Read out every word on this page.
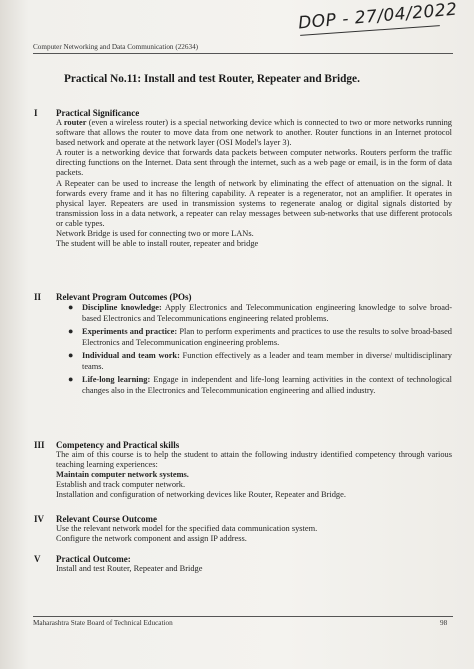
DOP - 27/04/2022
Computer Networking and Data Communication (22634)
Practical No.11: Install and test Router, Repeater and Bridge.
I Practical Significance

A router (even a wireless router) is a special networking device which is connected to two or more networks running software that allows the router to move data from one network to another. Router functions in an Internet protocol based network and operate at the network layer (OSI Model's layer 3).

A router is a networking device that forwards data packets between computer networks. Routers perform the traffic directing functions on the Internet. Data sent through the internet, such as a web page or email, is in the form of data packets.

A Repeater can be used to increase the length of network by eliminating the effect of attenuation on the signal. It forwards every frame and it has no filtering capability. A repeater is a regenerator, not an amplifier. It operates in physical layer. Repeaters are used in transmission systems to regenerate analog or digital signals distorted by transmission loss in a data network, a repeater can relay messages between sub-networks that use different protocols or cable types.

Network Bridge is used for connecting two or more LANs.

The student will be able to install router, repeater and bridge

II Relevant Program Outcomes (POs)
● Discipline knowledge: Apply Electronics and Telecommunication engineering knowledge to solve broad-based Electronics and Telecommunications engineering related problems.
● Experiments and practice: Plan to perform experiments and practices to use the results to solve broad-based Electronics and Telecommunication engineering problems.
● Individual and team work: Function effectively as a leader and team member in diverse/ multidisciplinary teams.
● Life-long learning: Engage in independent and life-long learning activities in the context of technological changes also in the Electronics and Telecommunication engineering and allied industry.
III Competency and Practical skills

The aim of this course is to help the student to attain the following industry identified competency through various teaching learning experiences:

Maintain computer network systems.

Establish and track computer network.

Installation and configuration of networking devices like Router, Repeater and Bridge.

IV Relevant Course Outcome

Use the relevant network model for the specified data communication system.

Configure the network component and assign IP address.

V Practical Outcome:

Install and test Router, Repeater and Bridge

Maharashtra State Board of Technical Education	98
